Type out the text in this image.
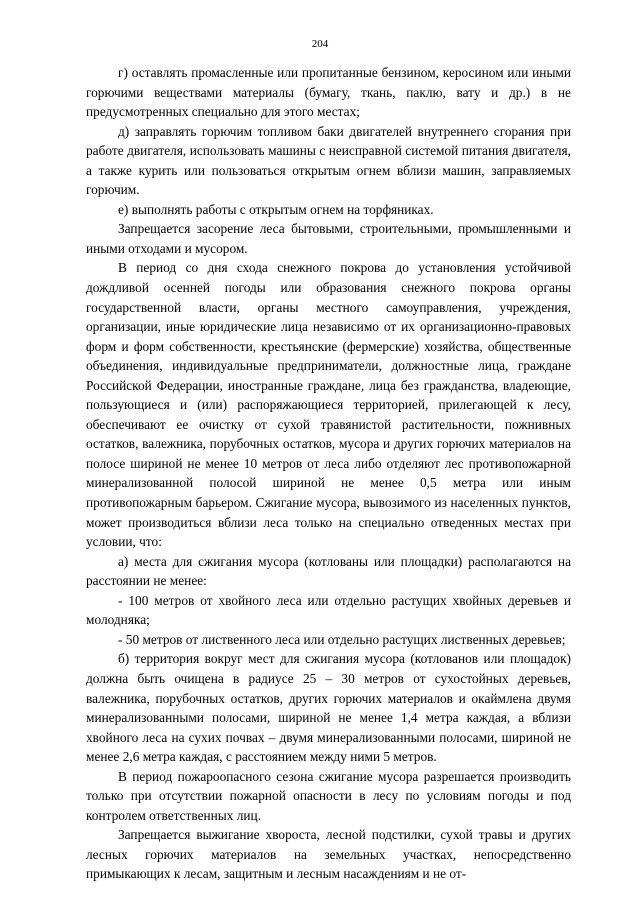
204

г) оставлять промасленные или пропитанные бензином, керосином или иными горючими веществами материалы (бумагу, ткань, паклю, вату и др.) в не предусмотренных специально для этого местах;

д) заправлять горючим топливом баки двигателей внутреннего сгорания при работе двигателя, использовать машины с неисправной системой питания двигателя, а также курить или пользоваться открытым огнем вблизи машин, заправляемых горючим.

е) выполнять работы с открытым огнем на торфяниках.

Запрещается засорение леса бытовыми, строительными, промышленными и иными отходами и мусором.

В период со дня схода снежного покрова до установления устойчивой дождливой осенней погоды или образования снежного покрова органы государственной власти, органы местного самоуправления, учреждения, организации, иные юридические лица независимо от их организационно-правовых форм и форм собственности, крестьянские (фермерские) хозяйства, общественные объединения, индивидуальные предприниматели, должностные лица, граждане Российской Федерации, иностранные граждане, лица без гражданства, владеющие, пользующиеся и (или) распоряжающиеся территорией, прилегающей к лесу, обеспечивают ее очистку от сухой травянистой растительности, пожнивных остатков, валежника, порубочных остатков, мусора и других горючих материалов на полосе шириной не менее 10 метров от леса либо отделяют лес противопожарной минерализованной полосой шириной не менее 0,5 метра или иным противопожарным барьером. Сжигание мусора, вывозимого из населенных пунктов, может производиться вблизи леса только на специально отведенных местах при условии, что:

а) места для сжигания мусора (котлованы или площадки) располагаются на расстоянии не менее:

- 100 метров от хвойного леса или отдельно растущих хвойных деревьев и молодняка;

- 50 метров от лиственного леса или отдельно растущих лиственных деревьев;

б) территория вокруг мест для сжигания мусора (котлованов или площадок) должна быть очищена в радиусе 25 – 30 метров от сухостойных деревьев, валежника, порубочных остатков, других горючих материалов и окаймлена двумя минерализованными полосами, шириной не менее 1,4 метра каждая, а вблизи хвойного леса на сухих почвах – двумя минерализованными полосами, шириной не менее 2,6 метра каждая, с расстоянием между ними 5 метров.

В период пожароопасного сезона сжигание мусора разрешается производить только при отсутствии пожарной опасности в лесу по условиям погоды и под контролем ответственных лиц.

Запрещается выжигание хвороста, лесной подстилки, сухой травы и других лесных горючих материалов на земельных участках, непосредственно примыкающих к лесам, защитным и лесным насаждениям и не от-
